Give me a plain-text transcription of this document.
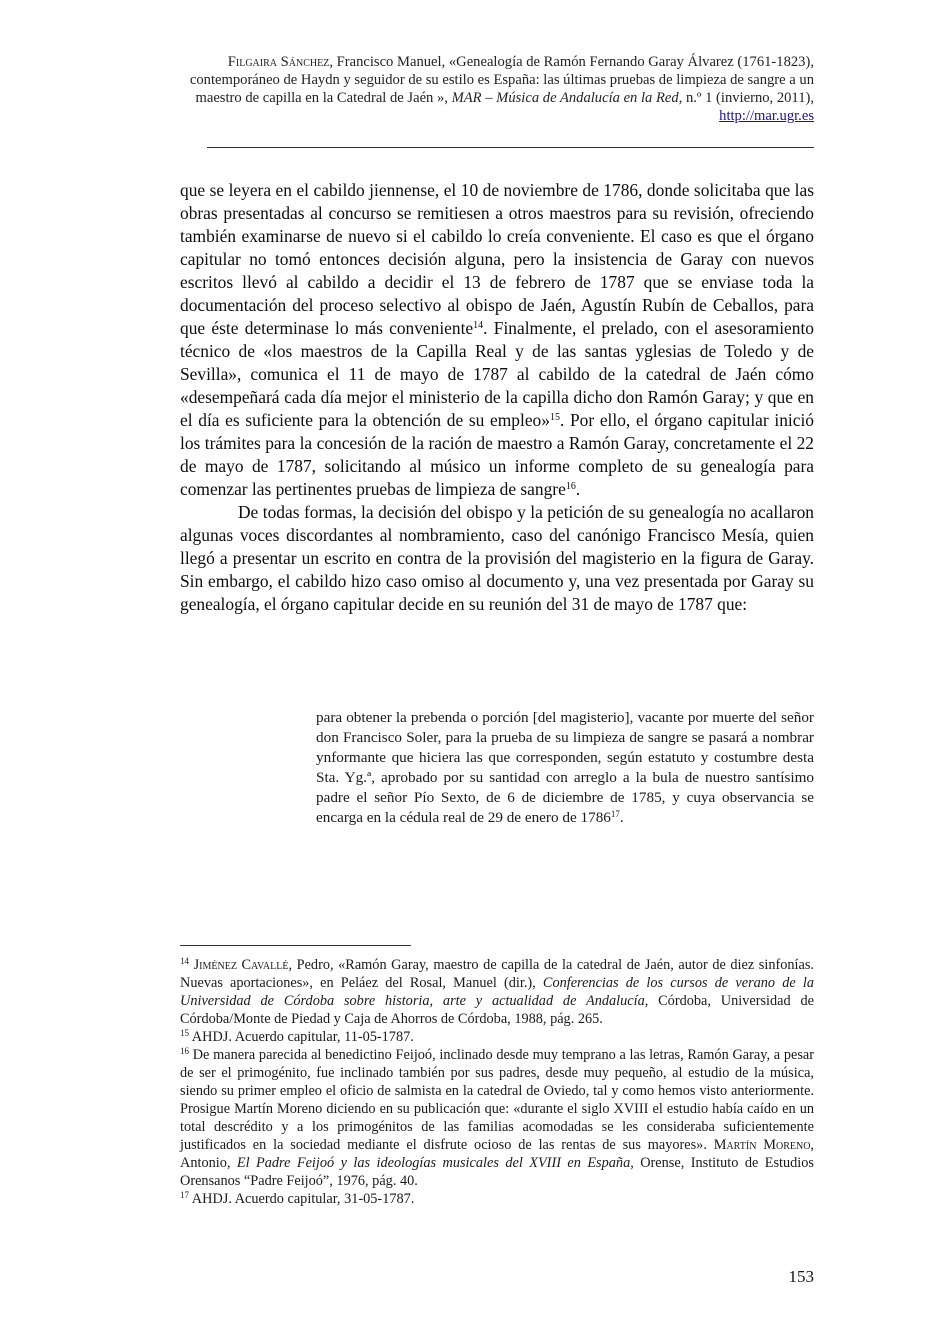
Filgaira Sánchez, Francisco Manuel, «Genealogía de Ramón Fernando Garay Álvarez (1761-1823), contemporáneo de Haydn y seguidor de su estilo es España: las últimas pruebas de limpieza de sangre a un maestro de capilla en la Catedral de Jaén », MAR – Música de Andalucía en la Red, n.º 1 (invierno, 2011), http://mar.ugr.es

que se leyera en el cabildo jiennense, el 10 de noviembre de 1786, donde solicitaba que las obras presentadas al concurso se remitiesen a otros maestros para su revisión, ofreciendo también examinarse de nuevo si el cabildo lo creía conveniente. El caso es que el órgano capitular no tomó entonces decisión alguna, pero la insistencia de Garay con nuevos escritos llevó al cabildo a decidir el 13 de febrero de 1787 que se enviase toda la documentación del proceso selectivo al obispo de Jaén, Agustín Rubín de Ceballos, para que éste determinase lo más conveniente$^{14}$. Finalmente, el prelado, con el asesoramiento técnico de «los maestros de la Capilla Real y de las santas yglesias de Toledo y de Sevilla», comunica el 11 de mayo de 1787 al cabildo de la catedral de Jaén cómo «desempeñará cada día mejor el ministerio de la capilla dicho don Ramón Garay; y que en el día es suficiente para la obtención de su empleo»$^{15}$. Por ello, el órgano capitular inició los trámites para la concesión de la ración de maestro a Ramón Garay, concretamente el 22 de mayo de 1787, solicitando al músico un informe completo de su genealogía para comenzar las pertinentes pruebas de limpieza de sangre$^{16}$.

De todas formas, la decisión del obispo y la petición de su genealogía no acallaron algunas voces discordantes al nombramiento, caso del canónigo Francisco Mesía, quien llegó a presentar un escrito en contra de la provisión del magisterio en la figura de Garay. Sin embargo, el cabildo hizo caso omiso al documento y, una vez presentada por Garay su genealogía, el órgano capitular decide en su reunión del 31 de mayo de 1787 que:

para obtener la prebenda o porción [del magisterio], vacante por muerte del señor don Francisco Soler, para la prueba de su limpieza de sangre se pasará a nombrar ynformante que hiciera las que corresponden, según estatuto y costumbre desta Sta. Yg.ª, aprobado por su santidad con arreglo a la bula de nuestro santísimo padre el señor Pío Sexto, de 6 de diciembre de 1785, y cuya observancia se encarga en la cédula real de 29 de enero de 1786$^{17}$.

$^{14}$ Jiménez Cavallé, Pedro, «Ramón Garay, maestro de capilla de la catedral de Jaén, autor de diez sinfonías. Nuevas aportaciones», en Peláez del Rosal, Manuel (dir.), Conferencias de los cursos de verano de la Universidad de Córdoba sobre historia, arte y actualidad de Andalucía, Córdoba, Universidad de Córdoba/Monte de Piedad y Caja de Ahorros de Córdoba, 1988, pág. 265.

$^{15}$ AHDJ. Acuerdo capitular, 11-05-1787.

$^{16}$ De manera parecida al benedictino Feijoó, inclinado desde muy temprano a las letras, Ramón Garay, a pesar de ser el primogénito, fue inclinado también por sus padres, desde muy pequeño, al estudio de la música, siendo su primer empleo el oficio de salmista en la catedral de Oviedo, tal y como hemos visto anteriormente. Prosigue Martín Moreno diciendo en su publicación que: «durante el siglo XVIII el estudio había caído en un total descrédito y a los primogénitos de las familias acomodadas se les consideraba suficientemente justificados en la sociedad mediante el disfrute ocioso de las rentas de sus mayores». Martín Moreno, Antonio, El Padre Feijoó y las ideologías musicales del XVIII en España, Orense, Instituto de Estudios Orensanos “Padre Feijoó”, 1976, pág. 40.

$^{17}$ AHDJ. Acuerdo capitular, 31-05-1787.

153
